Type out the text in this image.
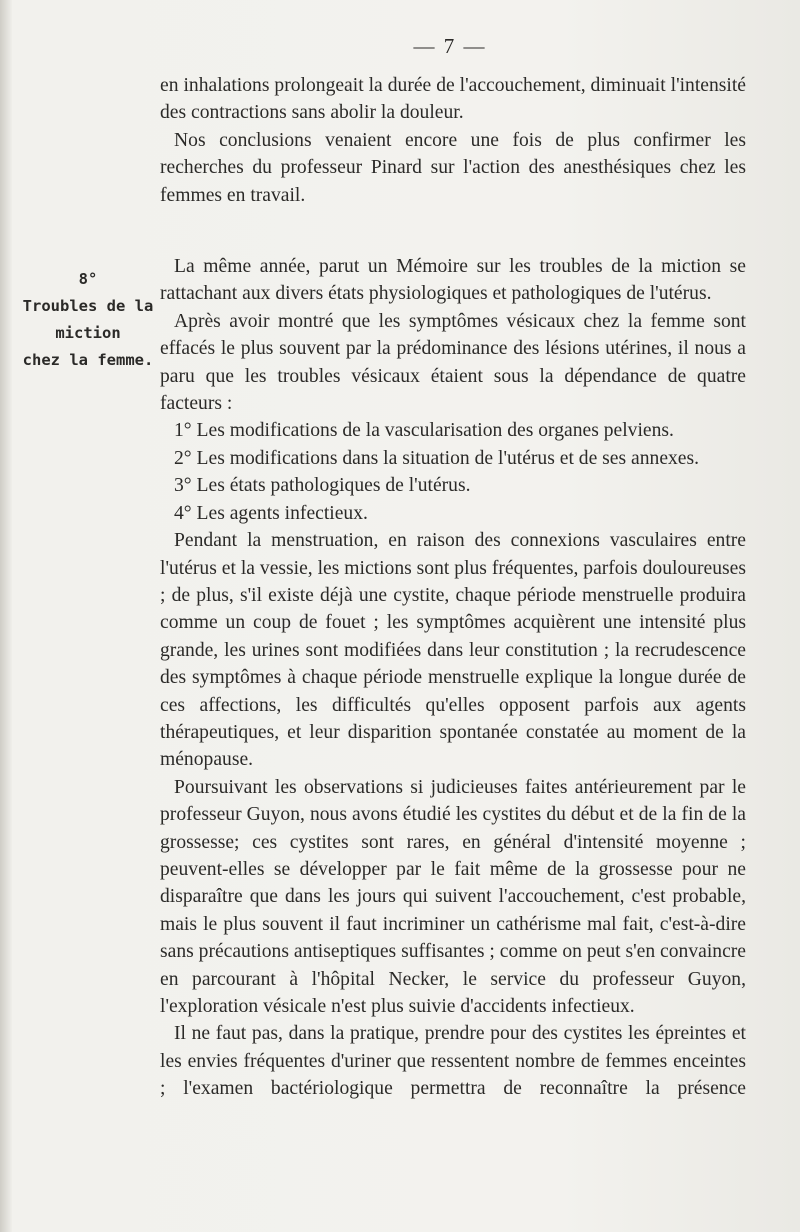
— 7 —
8°
Troubles de la
miction
chez la femme.

en inhalations prolongeait la durée de l'accouchement, diminuait l'intensité des contractions sans abolir la douleur.

Nos conclusions venaient encore une fois de plus confirmer les recherches du professeur Pinard sur l'action des anesthésiques chez les femmes en travail.

La même année, parut un Mémoire sur les troubles de la miction se rattachant aux divers états physiologiques et pathologiques de l'utérus.

Après avoir montré que les symptômes vésicaux chez la femme sont effacés le plus souvent par la prédominance des lésions utérines, il nous a paru que les troubles vésicaux étaient sous la dépendance de quatre facteurs :

1° Les modifications de la vascularisation des organes pelviens.

2° Les modifications dans la situation de l'utérus et de ses annexes.

3° Les états pathologiques de l'utérus.

4° Les agents infectieux.

Pendant la menstruation, en raison des connexions vasculaires entre l'utérus et la vessie, les mictions sont plus fréquentes, parfois douloureuses ; de plus, s'il existe déjà une cystite, chaque période menstruelle produira comme un coup de fouet ; les symptômes acquièrent une intensité plus grande, les urines sont modifiées dans leur constitution ; la recrudescence des symptômes à chaque période menstruelle explique la longue durée de ces affections, les difficultés qu'elles opposent parfois aux agents thérapeutiques, et leur disparition spontanée constatée au moment de la ménopause.

Poursuivant les observations si judicieuses faites antérieurement par le professeur Guyon, nous avons étudié les cystites du début et de la fin de la grossesse; ces cystites sont rares, en général d'intensité moyenne ; peuvent-elles se développer par le fait même de la grossesse pour ne disparaître que dans les jours qui suivent l'accouchement, c'est probable, mais le plus souvent il faut incriminer un cathérisme mal fait, c'est-à-dire sans précautions antiseptiques suffisantes ; comme on peut s'en convaincre en parcourant à l'hôpital Necker, le service du professeur Guyon, l'exploration vésicale n'est plus suivie d'accidents infectieux.

Il ne faut pas, dans la pratique, prendre pour des cystites les épreintes et les envies fréquentes d'uriner que ressentent nombre de femmes enceintes ; l'examen bactériologique permettra de reconnaître la présence
